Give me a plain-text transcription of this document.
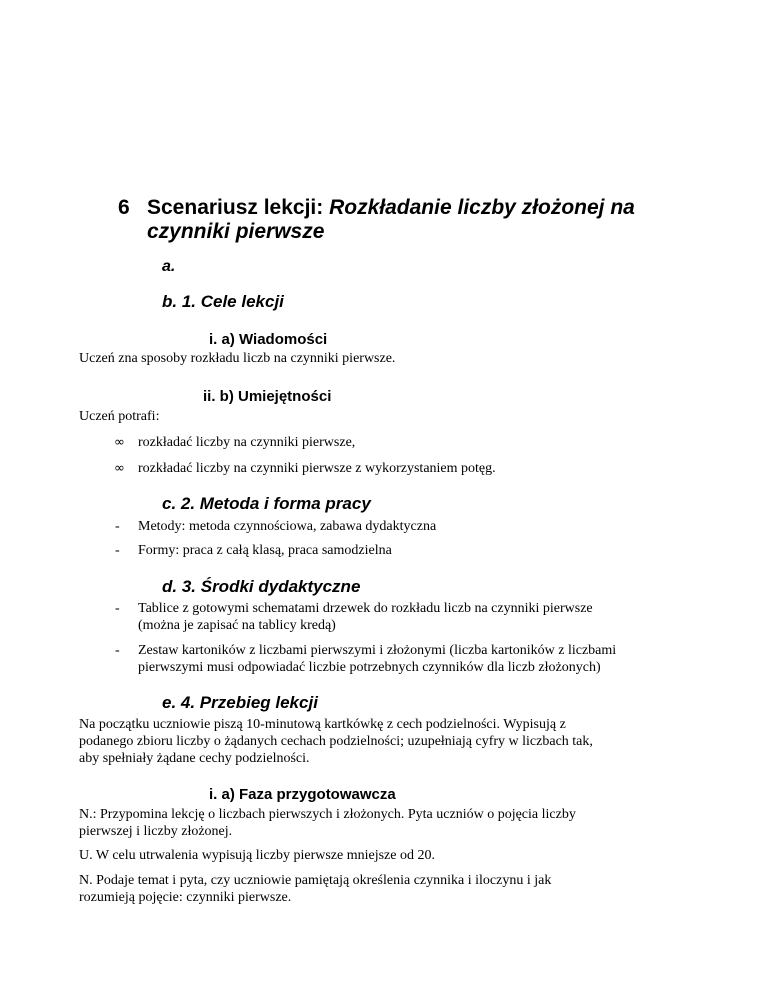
6 Scenariusz lekcji: Rozkładanie liczby złożonej na
czynniki pierwsze
a.
b. 1. Cele lekcji
i. a) Wiadomości
Uczeń zna sposoby rozkładu liczb na czynniki pierwsze.
ii. b) Umiejętności
Uczeń potrafi:
∞ rozkładać liczby na czynniki pierwsze,
∞ rozkładać liczby na czynniki pierwsze z wykorzystaniem potęg.
c. 2. Metoda i forma pracy
- Metody: metoda czynnościowa, zabawa dydaktyczna
- Formy: praca z całą klasą, praca samodzielna
d. 3. Środki dydaktyczne
- Tablice z gotowymi schematami drzewek do rozkładu liczb na czynniki pierwsze
(można je zapisać na tablicy kredą)
- Zestaw kartoników z liczbami pierwszymi i złożonymi (liczba kartoników z liczbami
pierwszymi musi odpowiadać liczbie potrzebnych czynników dla liczb złożonych)
e. 4. Przebieg lekcji
Na początku uczniowie piszą 10-minutową kartkówkę z cech podzielności. Wypisują z
podanego zbioru liczby o żądanych cechach podzielności; uzupełniają cyfry w liczbach tak,
aby spełniały żądane cechy podzielności.
i. a) Faza przygotowawcza
N.: Przypomina lekcję o liczbach pierwszych i złożonych. Pyta uczniów o pojęcia liczby
pierwszej i liczby złożonej.
U. W celu utrwalenia wypisują liczby pierwsze mniejsze od 20.
N. Podaje temat i pyta, czy uczniowie pamiętają określenia czynnika i iloczynu i jak
rozumieją pojęcie: czynniki pierwsze.
